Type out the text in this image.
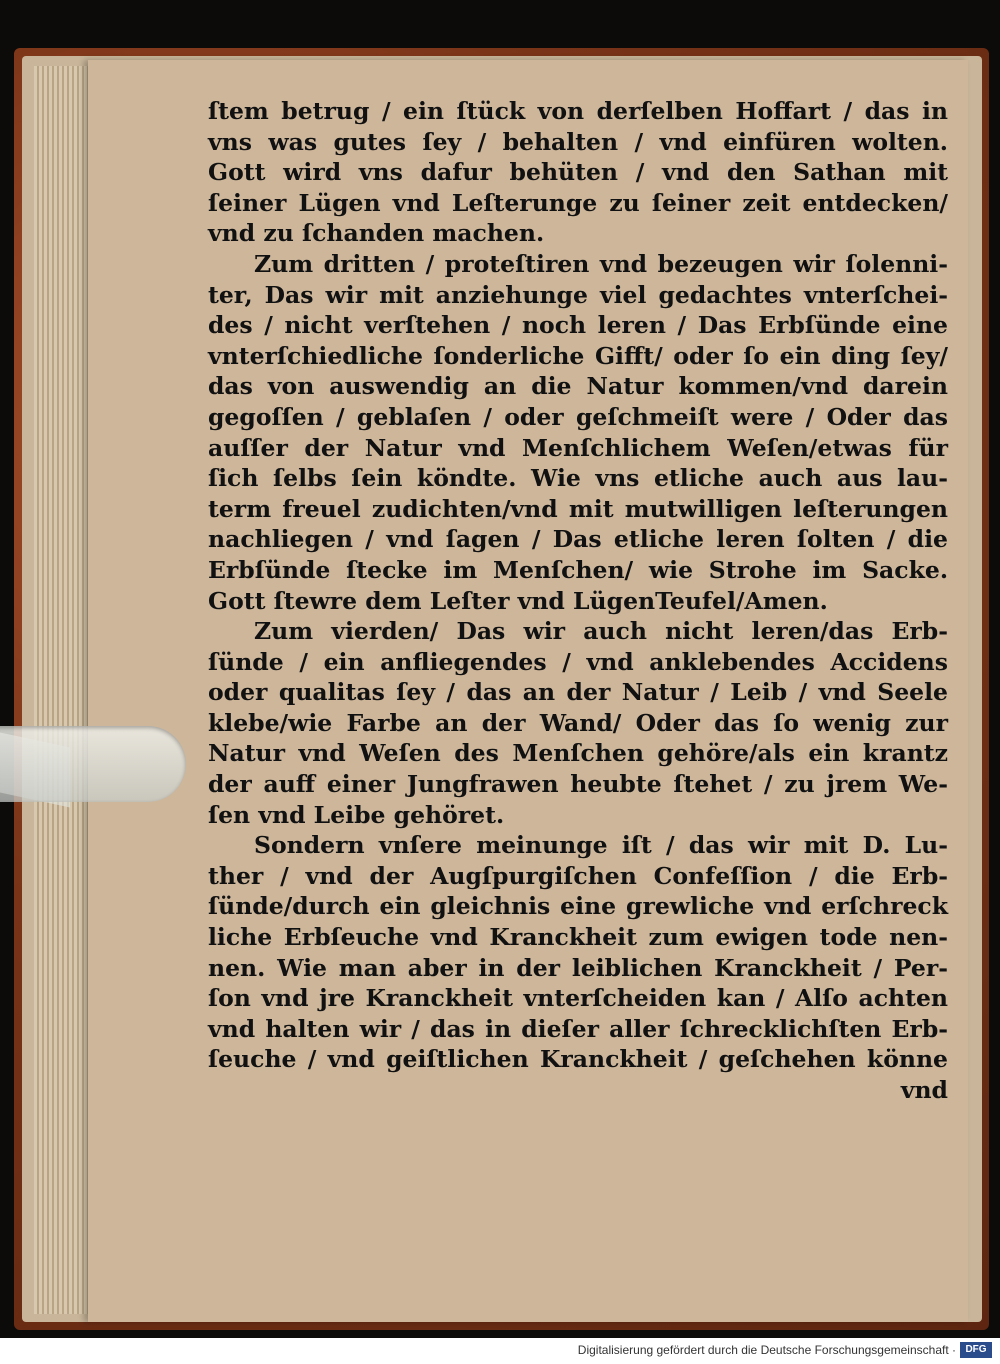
ſtem betrug / ein ſtück von derſelben Hoffart / das in
vns was gutes ſey / behalten / vnd einfüren wolten.
Gott wird vns dafur behüten / vnd den Sathan mit
ſeiner Lügen vnd Leſterunge zu ſeiner zeit entdecken/
vnd zu ſchanden machen.
Zum dritten / proteſtiren vnd bezeugen wir ſolenni-
ter, Das wir mit anziehunge viel gedachtes vnterſchei-
des / nicht verſtehen / noch leren / Das Erbſünde eine
vnterſchiedliche ſonderliche Gifft/ oder ſo ein ding ſey/
das von auswendig an die Natur kommen/vnd darein
gegoſſen / geblaſen / oder geſchmeiſt were / Oder das
auſſer der Natur vnd Menſchlichem Weſen/etwas für
ſich ſelbs ſein köndte. Wie vns etliche auch aus lau-
term freuel zudichten/vnd mit mutwilligen leſterungen
nachliegen / vnd ſagen / Das etliche leren ſolten / die
Erbſünde ſtecke im Menſchen/ wie Strohe im Sacke.
Gott ſtewre dem Leſter vnd LügenTeufel/Amen.
Zum vierden/ Das wir auch nicht leren/das Erb-
ſünde / ein anfliegendes / vnd anklebendes Accidens
oder qualitas ſey / das an der Natur / Leib / vnd Seele
klebe/wie Farbe an der Wand/ Oder das ſo wenig zur
Natur vnd Weſen des Menſchen gehöre/als ein krantz
der auff einer Jungfrawen heubte ſtehet / zu jrem We-
ſen vnd Leibe gehöret.
Sondern vnſere meinunge iſt / das wir mit D. Lu-
ther / vnd der Augſpurgiſchen Confeſſion / die Erb-
ſünde/durch ein gleichnis eine grewliche vnd erſchreck
liche Erbſeuche vnd Kranckheit zum ewigen tode nen-
nen. Wie man aber in der leiblichen Kranckheit / Per-
ſon vnd jre Kranckheit vnterſcheiden kan / Alſo achten
vnd halten wir / das in dieſer aller ſchrecklichſten Erb-
ſeuche / vnd geiſtlichen Kranckheit / geſchehen könne
vnd
Digitalisierung gefördert durch die Deutsche Forschungsgemeinschaft · DFG
